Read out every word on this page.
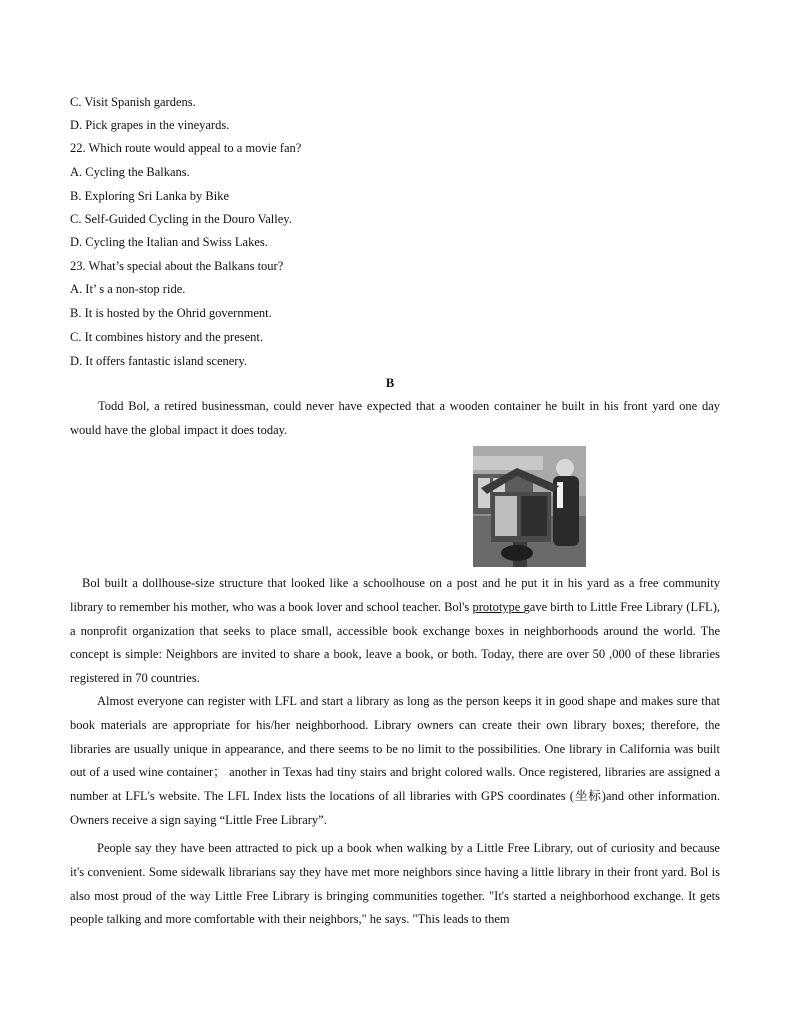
C. Visit Spanish gardens.
D. Pick grapes in the vineyards.
22. Which route would appeal to a movie fan?
A. Cycling the Balkans.
B. Exploring Sri Lanka by Bike
C. Self-Guided Cycling in the Douro Valley.
D. Cycling the Italian and Swiss Lakes.
23. What’s special about the Balkans tour?
A. It’ s a non-stop ride.
B. It is hosted by the Ohrid government.
C. It combines history and the present.
D. It offers fantastic island scenery.
B
Todd Bol, a retired businessman, could never have expected that a wooden container he built in his front yard one day would have the global impact it does today.
Bol built a dollhouse-size structure that looked like a schoolhouse on a post and he put it in his yard as a free community library to remember his mother, who was a book lover and school teacher. Bol's prototype gave birth to Little Free Library (LFL), a nonprofit organization that seeks to place small, accessible book exchange boxes in neighborhoods around the world. The concept is simple: Neighbors are invited to share a book, leave a book, or both. Today, there are over 50 ,000 of these libraries registered in 70 countries.
Almost everyone can register with LFL and start a library as long as the person keeps it in good shape and makes sure that book materials are appropriate for his/her neighborhood. Library owners can create their own library boxes; therefore, the libraries are usually unique in appearance, and there seems to be no limit to the possibilities. One library in California was built out of a used wine container； another in Texas had tiny stairs and bright colored walls. Once registered, libraries are assigned a number at LFL's website. The LFL Index lists the locations of all libraries with GPS coordinates (坐标)and other information. Owners receive a sign saying “Little Free Library”.
People say they have been attracted to pick up a book when walking by a Little Free Library, out of curiosity and because it's convenient. Some sidewalk librarians say they have met more neighbors since having a little library in their front yard. Bol is also most proud of the way Little Free Library is bringing communities together. "It's started a neighborhood exchange. It gets people talking and more comfortable with their neighbors," he says. "This leads to them
